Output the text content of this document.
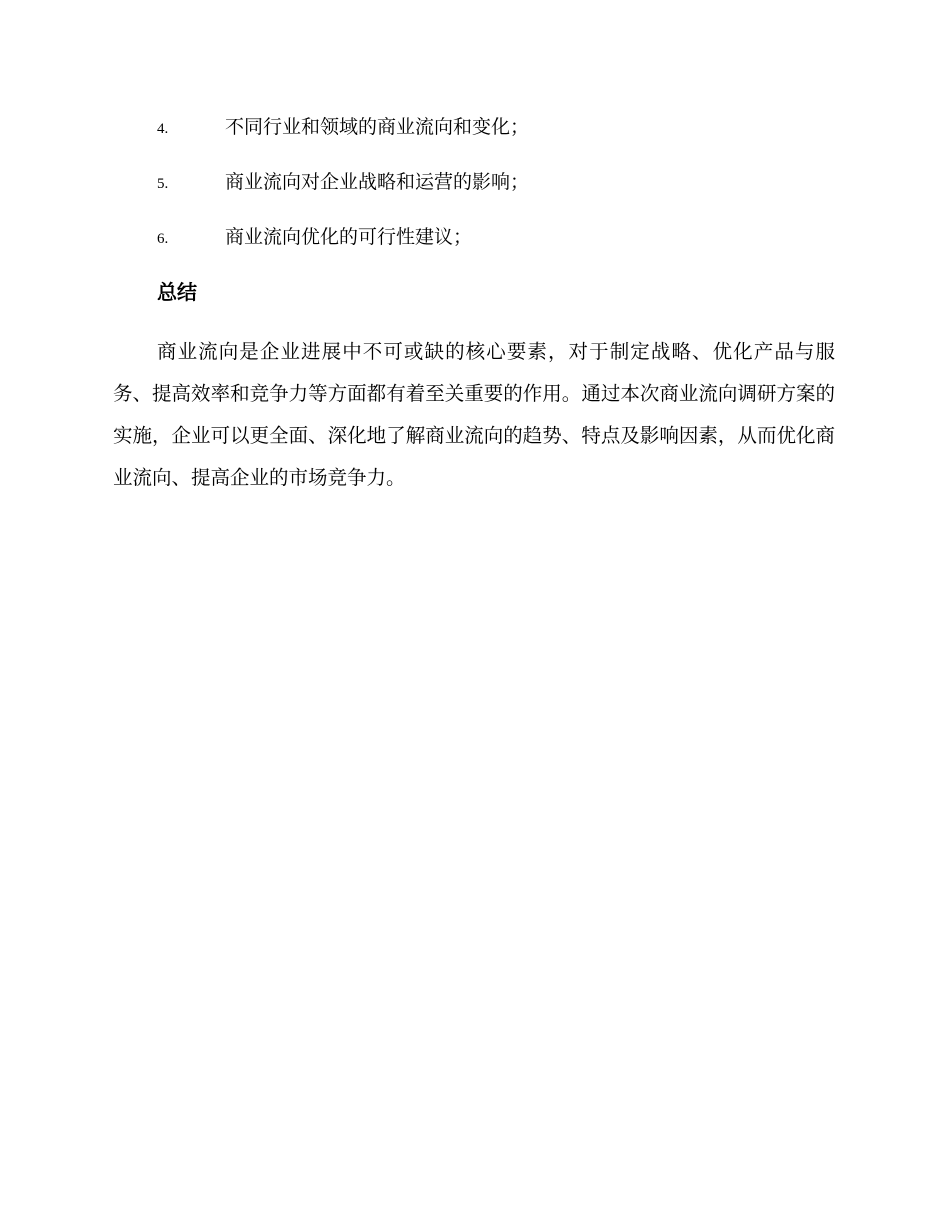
4.	不同行业和领域的商业流向和变化；
5.	商业流向对企业战略和运营的影响；
6.	商业流向优化的可行性建议；
总结

商业流向是企业进展中不可或缺的核心要素，对于制定战略、优化产品与服务、提高效率和竞争力等方面都有着至关重要的作用。通过本次商业流向调研方案的实施，企业可以更全面、深化地了解商业流向的趋势、特点及影响因素，从而优化商业流向、提高企业的市场竞争力。
